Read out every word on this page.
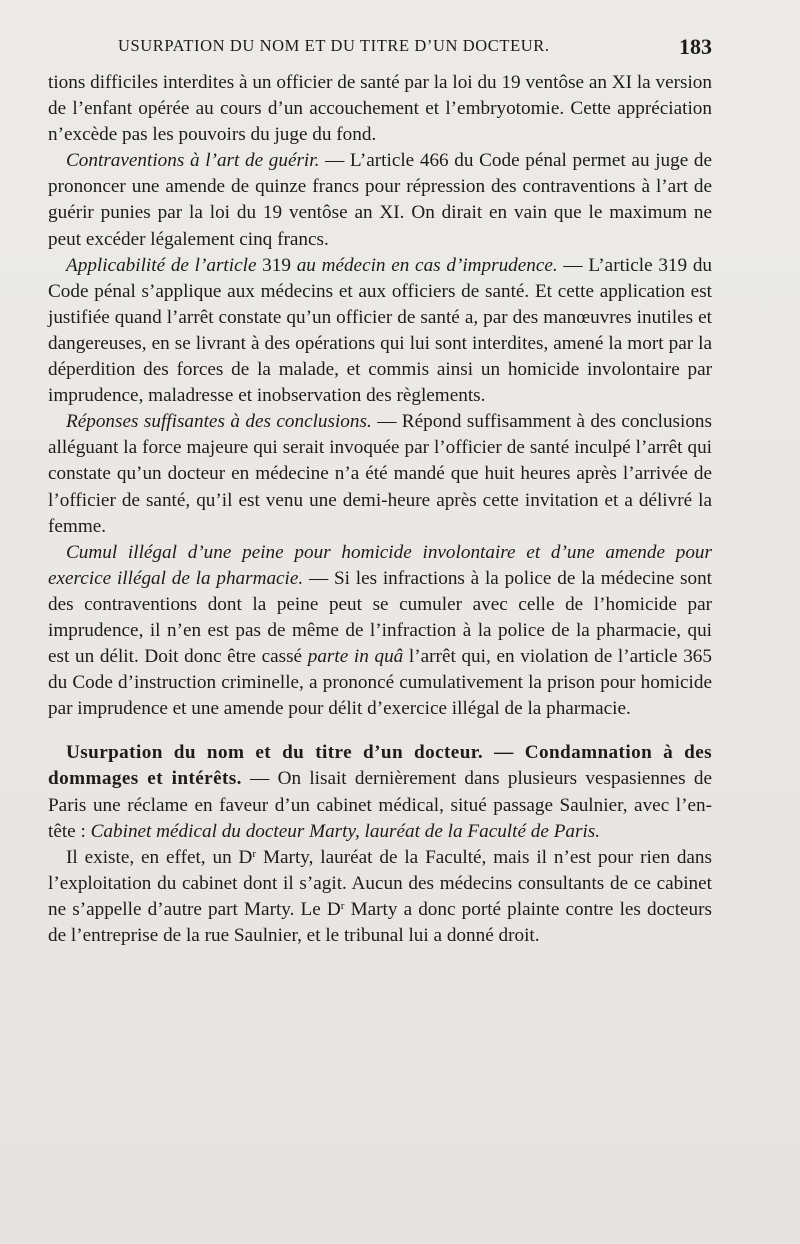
USURPATION DU NOM ET DU TITRE D’UN DOCTEUR.	183

tions difficiles interdites à un officier de santé par la loi du 19 ventôse an XI la version de l’enfant opérée au cours d’un accouchement et l’embryotomie. Cette appréciation n’excède pas les pouvoirs du juge du fond.

Contraventions à l’art de guérir. — L’article 466 du Code pénal permet au juge de prononcer une amende de quinze francs pour répression des contraventions à l’art de guérir punies par la loi du 19 ventôse an XI. On dirait en vain que le maximum ne peut excéder légalement cinq francs.

Applicabilité de l’article 319 au médecin en cas d’imprudence. — L’article 319 du Code pénal s’applique aux médecins et aux officiers de santé. Et cette application est justifiée quand l’arrêt constate qu’un officier de santé a, par des manœuvres inutiles et dangereuses, en se livrant à des opérations qui lui sont interdites, amené la mort par la déperdition des forces de la malade, et commis ainsi un homicide involontaire par imprudence, maladresse et inobservation des règlements.

Réponses suffisantes à des conclusions. — Répond suffisamment à des conclusions alléguant la force majeure qui serait invoquée par l’officier de santé inculpé l’arrêt qui constate qu’un docteur en médecine n’a été mandé que huit heures après l’arrivée de l’officier de santé, qu’il est venu une demi-heure après cette invitation et a délivré la femme.

Cumul illégal d’une peine pour homicide involontaire et d’une amende pour exercice illégal de la pharmacie. — Si les infractions à la police de la médecine sont des contraventions dont la peine peut se cumuler avec celle de l’homicide par imprudence, il n’en est pas de même de l’infraction à la police de la pharmacie, qui est un délit. Doit donc être cassé parte in quâ l’arrêt qui, en violation de l’article 365 du Code d’instruction criminelle, a prononcé cumulativement la prison pour homicide par imprudence et une amende pour délit d’exercice illégal de la pharmacie.

Usurpation du nom et du titre d’un docteur. — Condamnation à des dommages et intérêts. — On lisait dernièrement dans plusieurs vespasiennes de Paris une réclame en faveur d’un cabinet médical, situé passage Saulnier, avec l’en-tête : Cabinet médical du docteur Marty, lauréat de la Faculté de Paris.

Il existe, en effet, un $D^r$ Marty, lauréat de la Faculté, mais il n’est pour rien dans l’exploitation du cabinet dont il s’agit. Aucun des médecins consultants de ce cabinet ne s’appelle d’autre part Marty. Le $D^r$ Marty a donc porté plainte contre les docteurs de l’entreprise de la rue Saulnier, et le tribunal lui a donné droit.
